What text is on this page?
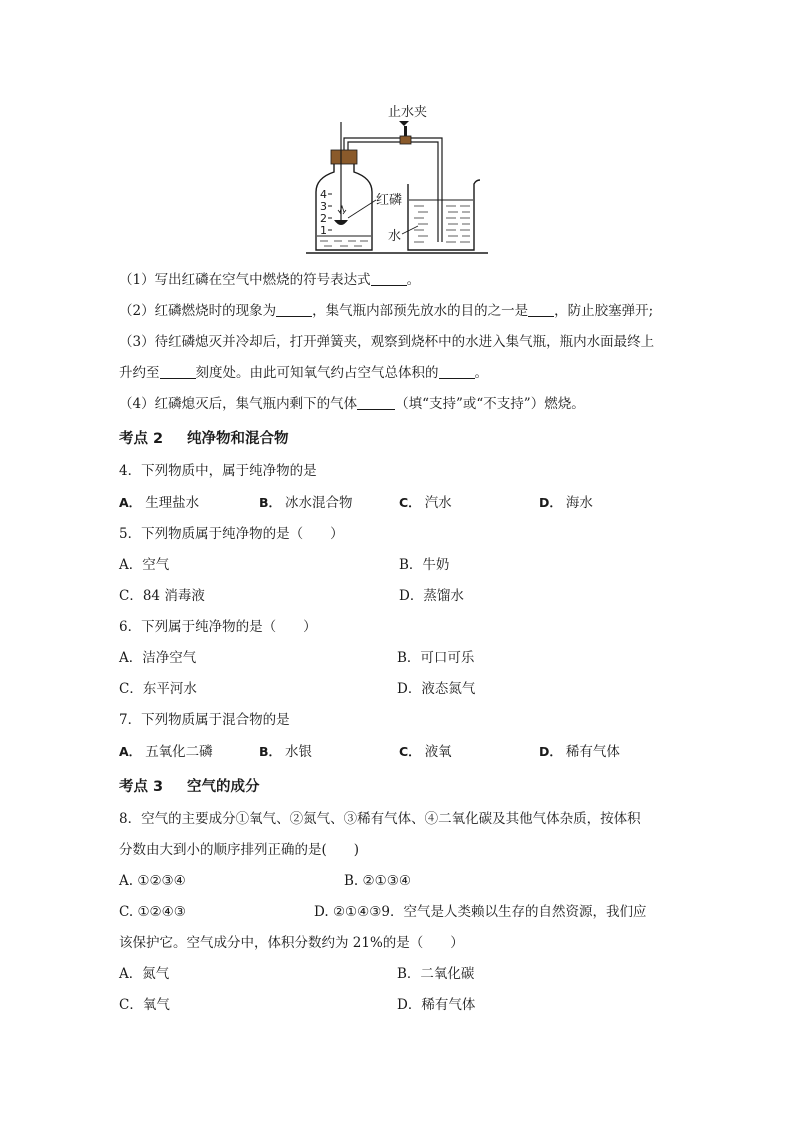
止水夹
4
3
2
1
红磷
水
（1）写出红磷在空气中燃烧的符号表达式	。
（2）红磷燃烧时的现象为	，集气瓶内部预先放水的目的之一是 ，防止胶塞弹开;
（3）待红磷熄灭并冷却后，打开弹簧夹，观察到烧杯中的水进入集气瓶，瓶内水面最终上
升约至	刻度处。由此可知氧气约占空气总体积的	。
（4）红磷熄灭后，集气瓶内剩下的气体	（填“支持”或“不支持”）燃烧。
考点 2 纯净物和混合物
4．下列物质中，属于纯净物的是
A． 生理盐水	B． 冰水混合物	C． 汽水	D． 海水
5．下列物质属于纯净物的是（　　）
A．空气	B．牛奶
C．84 消毒液	D．蒸馏水
6．下列属于纯净物的是（　　）
A．洁净空气	B．可口可乐
C．东平河水	D．液态氮气
7．下列物质属于混合物的是
A． 五氧化二磷	B． 水银	C． 液氧	D． 稀有气体
考点 3 空气的成分
8．空气的主要成分①氧气、②氮气、③稀有气体、④二氧化碳及其他气体杂质，按体积
分数由大到小的顺序排列正确的是(　　)
A. ①②③④	B. ②①③④
C. ①②④③	D. ②①④③9．空气是人类赖以生存的自然资源，我们应
该保护它。空气成分中，体积分数约为 21%的是（　　）
A．氮气	B．二氧化碳
C．氧气	D．稀有气体
